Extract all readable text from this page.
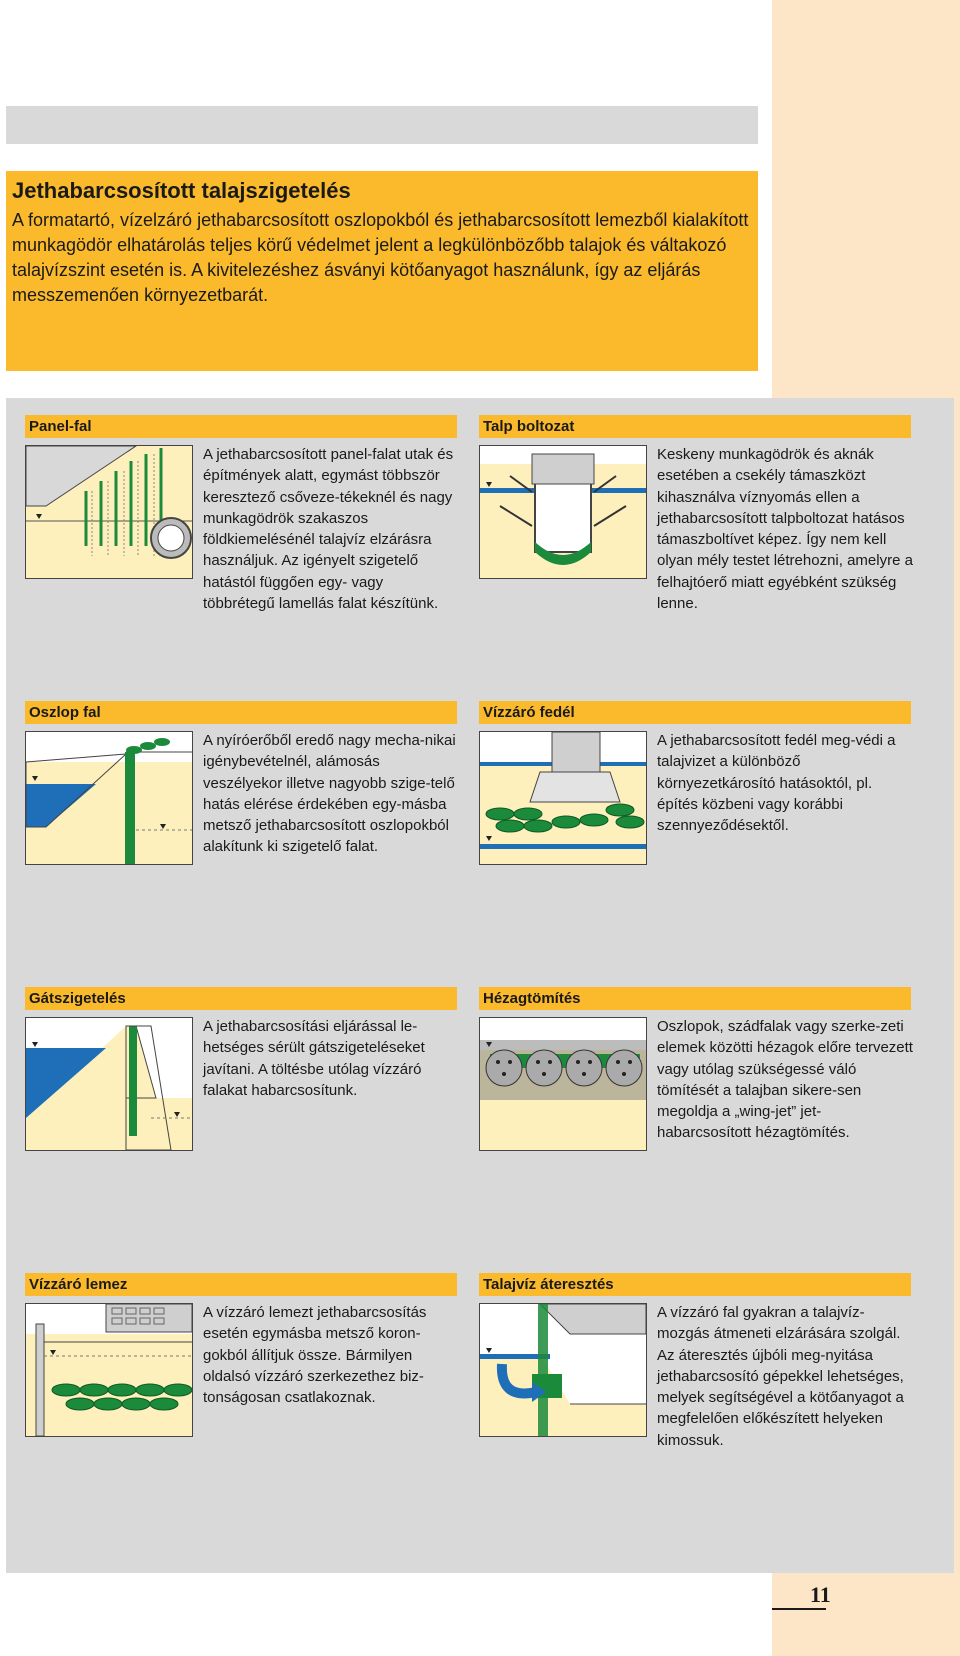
Jethabarcsosított talajszigetelés

A formatartó, vízelzáró jethabarcsosított oszlopokból és jethabarcsosított lemezből kialakított munkagödör elhatárolás teljes körű védelmet jelent a legkülönbözőbb talajok és váltakozó talajvízszint esetén is. A kivitelezéshez ásványi kötőanyagot használunk, így az eljárás messzemenően környezetbarát.

Panel-fal
A jethabarcsosított panel-falat utak és építmények alatt, egymást többször keresztező csőveze-tékeknél és nagy munkagödrök szakaszos földkiemelésénél talajvíz elzárásra használjuk. Az igényelt szigetelő hatástól függően egy- vagy többrétegű lamellás falat készítünk.
Talp boltozat
Keskeny munkagödrök és aknák esetében a csekély támaszközt kihasználva víznyomás ellen a jethabarcsosított talpboltozat hatásos támaszboltívet képez. Így nem kell olyan mély testet létrehozni, amelyre a felhajtóerő miatt egyébként szükség lenne.
Oszlop fal
A nyíróerőből eredő nagy mecha-nikai igénybevételnél, alámosás veszélyekor illetve nagyobb szige-telő hatás elérése érdekében egy-másba metsző jethabarcsosított oszlopokból alakítunk ki szigetelő falat.
Vízzáró fedél
A jethabarcsosított fedél meg-védi a talajvizet a különböző környezetkárosító hatásoktól, pl. építés közbeni vagy korábbi szennyeződésektől.
Gátszigetelés
A jethabarcsosítási eljárással le-hetséges sérült gátszigeteléseket javítani. A töltésbe utólag vízzáró falakat habarcsosítunk.
Hézagtömítés
Oszlopok, szádfalak vagy szerke-zeti elemek közötti hézagok előre tervezett vagy utólag szükségessé váló tömítését a talajban sikere-sen megoldja a „wing-jet” jet-habarcsosított hézagtömítés.
Vízzáró lemez
A vízzáró lemezt jethabarcsosítás esetén egymásba metsző koron-gokból állítjuk össze. Bármilyen oldalsó vízzáró szerkezethez biz-tonságosan csatlakoznak.
Talajvíz áteresztés
A vízzáró fal gyakran a talajvíz-mozgás átmeneti elzárására szolgál. Az áteresztés újbóli meg-nyitása jethabarcsosító gépekkel lehetséges, melyek segítségével a kötőanyagot a megfelelően előkészített helyeken kimossuk.
11
